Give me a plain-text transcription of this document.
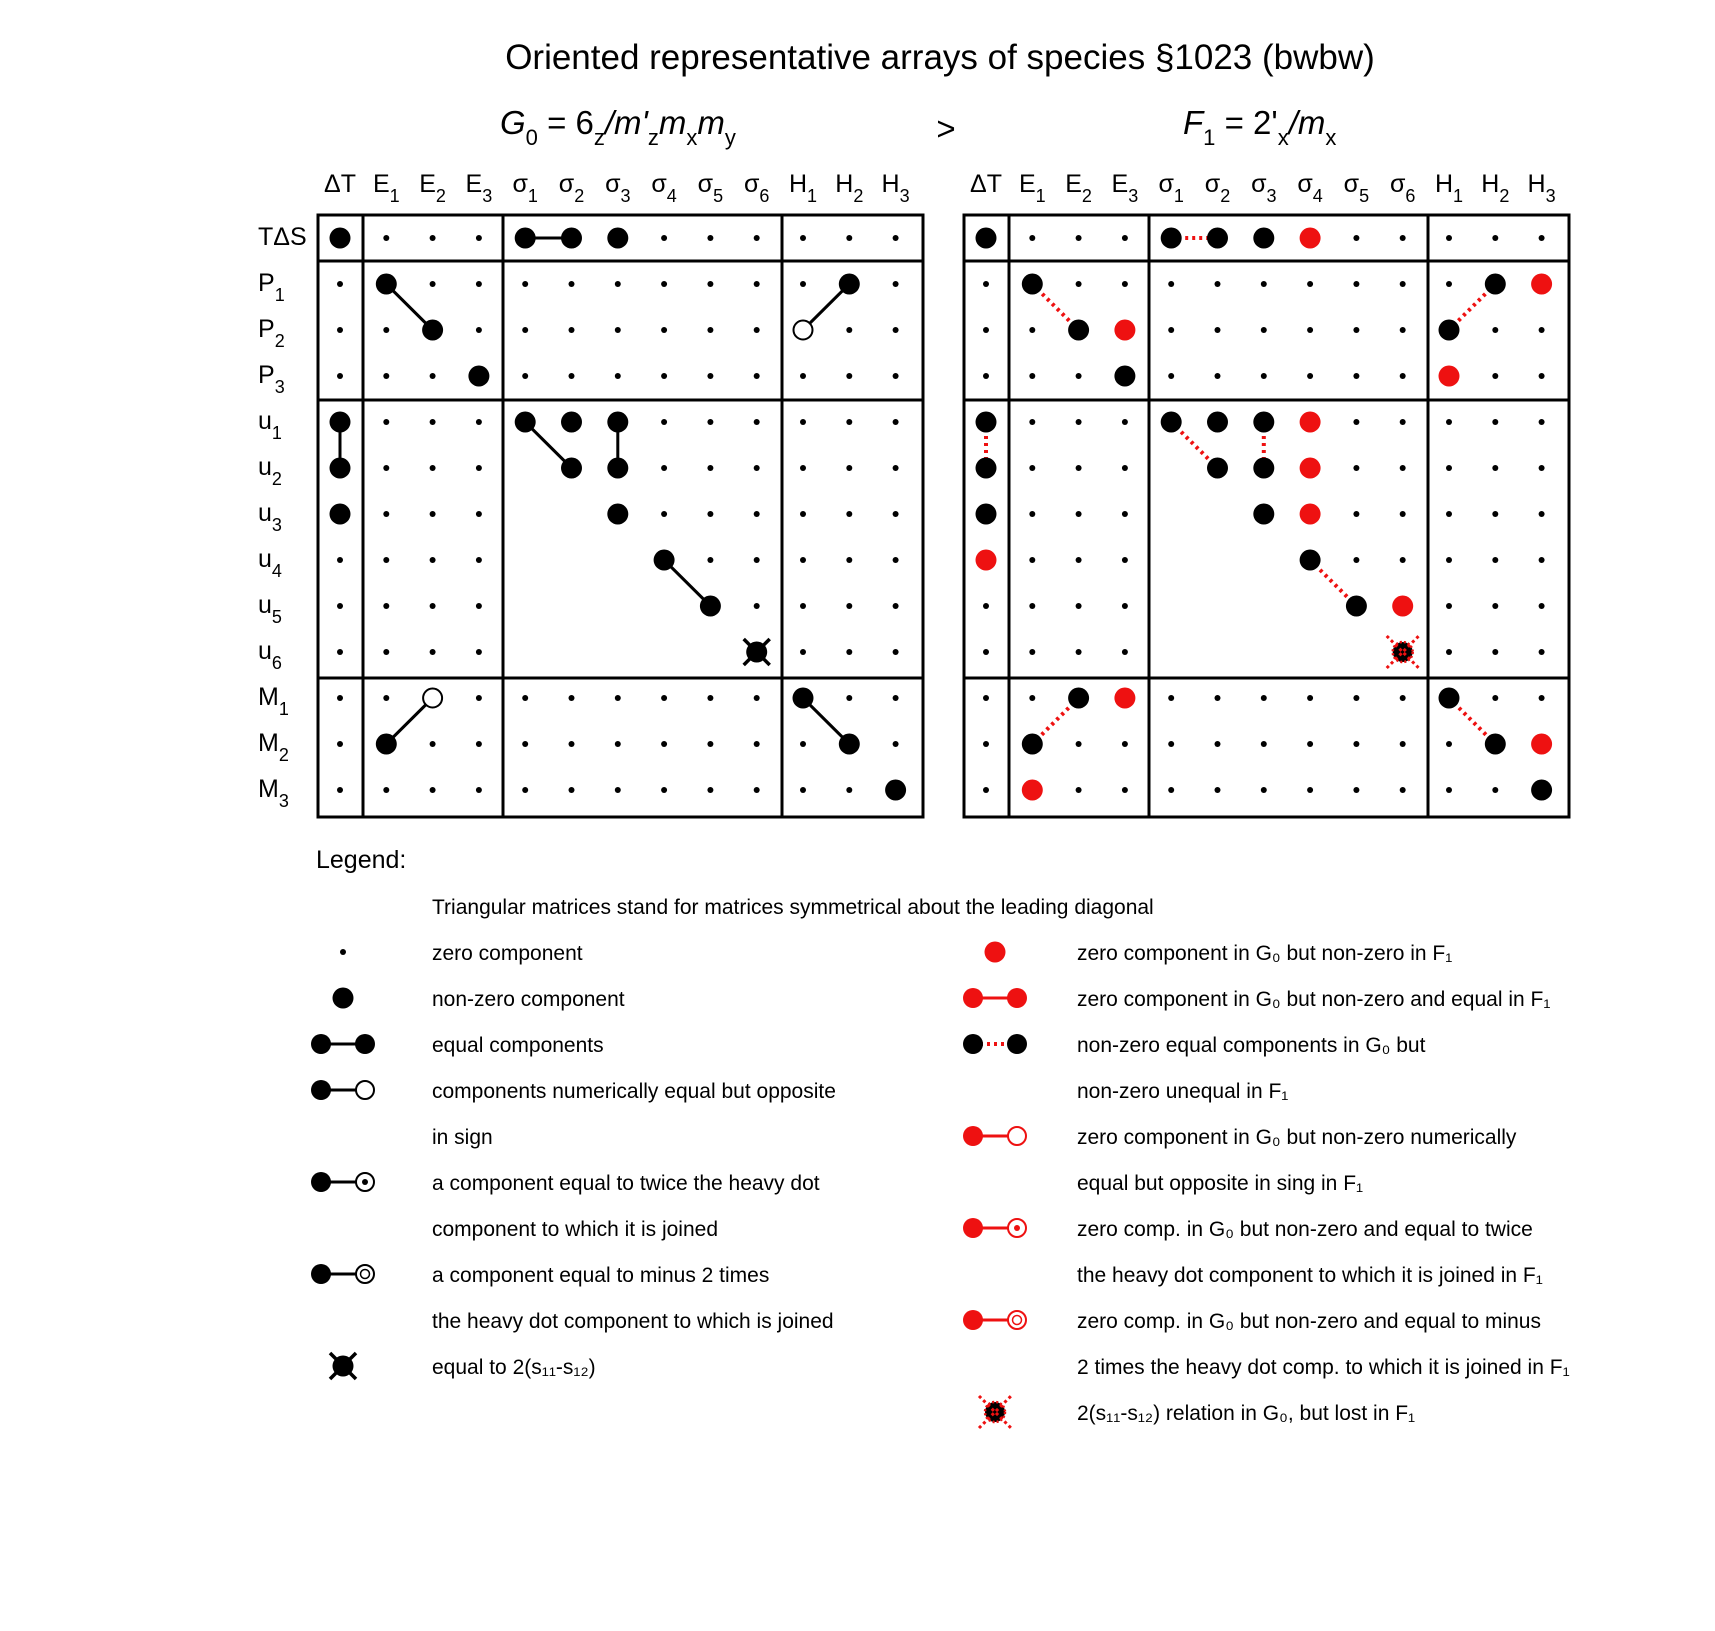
Oriented representative arrays of species §1023 (bwbw)
$G_0 = 6_z/m'_zm_xm_y$	>	$F_1 = 2'_x/m_x$
ΔT $E_1$ $E_2$ $E_3$ $\sigma_1$ $\sigma_2$ $\sigma_3$ $\sigma_4$ $\sigma_5$ $\sigma_6$ $H_1$ $H_2$ $H_3$
TΔS
$P_1$
$P_2$
$P_3$
$u_1$
$u_2$
$u_3$
$u_4$
$u_5$
$u_6$
$M_1$
$M_2$
$M_3$
ΔT $E_1$ $E_2$ $E_3$ $\sigma_1$ $\sigma_2$ $\sigma_3$ $\sigma_4$ $\sigma_5$ $\sigma_6$ $H_1$ $H_2$ $H_3$
Legend:
Triangular matrices stand for matrices symmetrical about the leading diagonal
zero component
non-zero component
equal components
components numerically equal but opposite
in sign
a component equal to twice the heavy dot
component to which it is joined
a component equal to minus 2 times
the heavy dot component to which is joined
equal to 2(s₁₁-s₁₂)
zero component in G₀ but non-zero in F₁
zero component in G₀ but non-zero and equal in F₁
non-zero equal components in G₀ but
non-zero unequal in F₁
zero component in G₀ but non-zero numerically
equal but opposite in sing in F₁
zero comp. in G₀ but non-zero and equal to twice
the heavy dot component to which it is joined in F₁
zero comp. in G₀ but non-zero and equal to minus
2 times the heavy dot comp. to which it is joined in F₁
2(s₁₁-s₁₂) relation in G₀, but lost in F₁
